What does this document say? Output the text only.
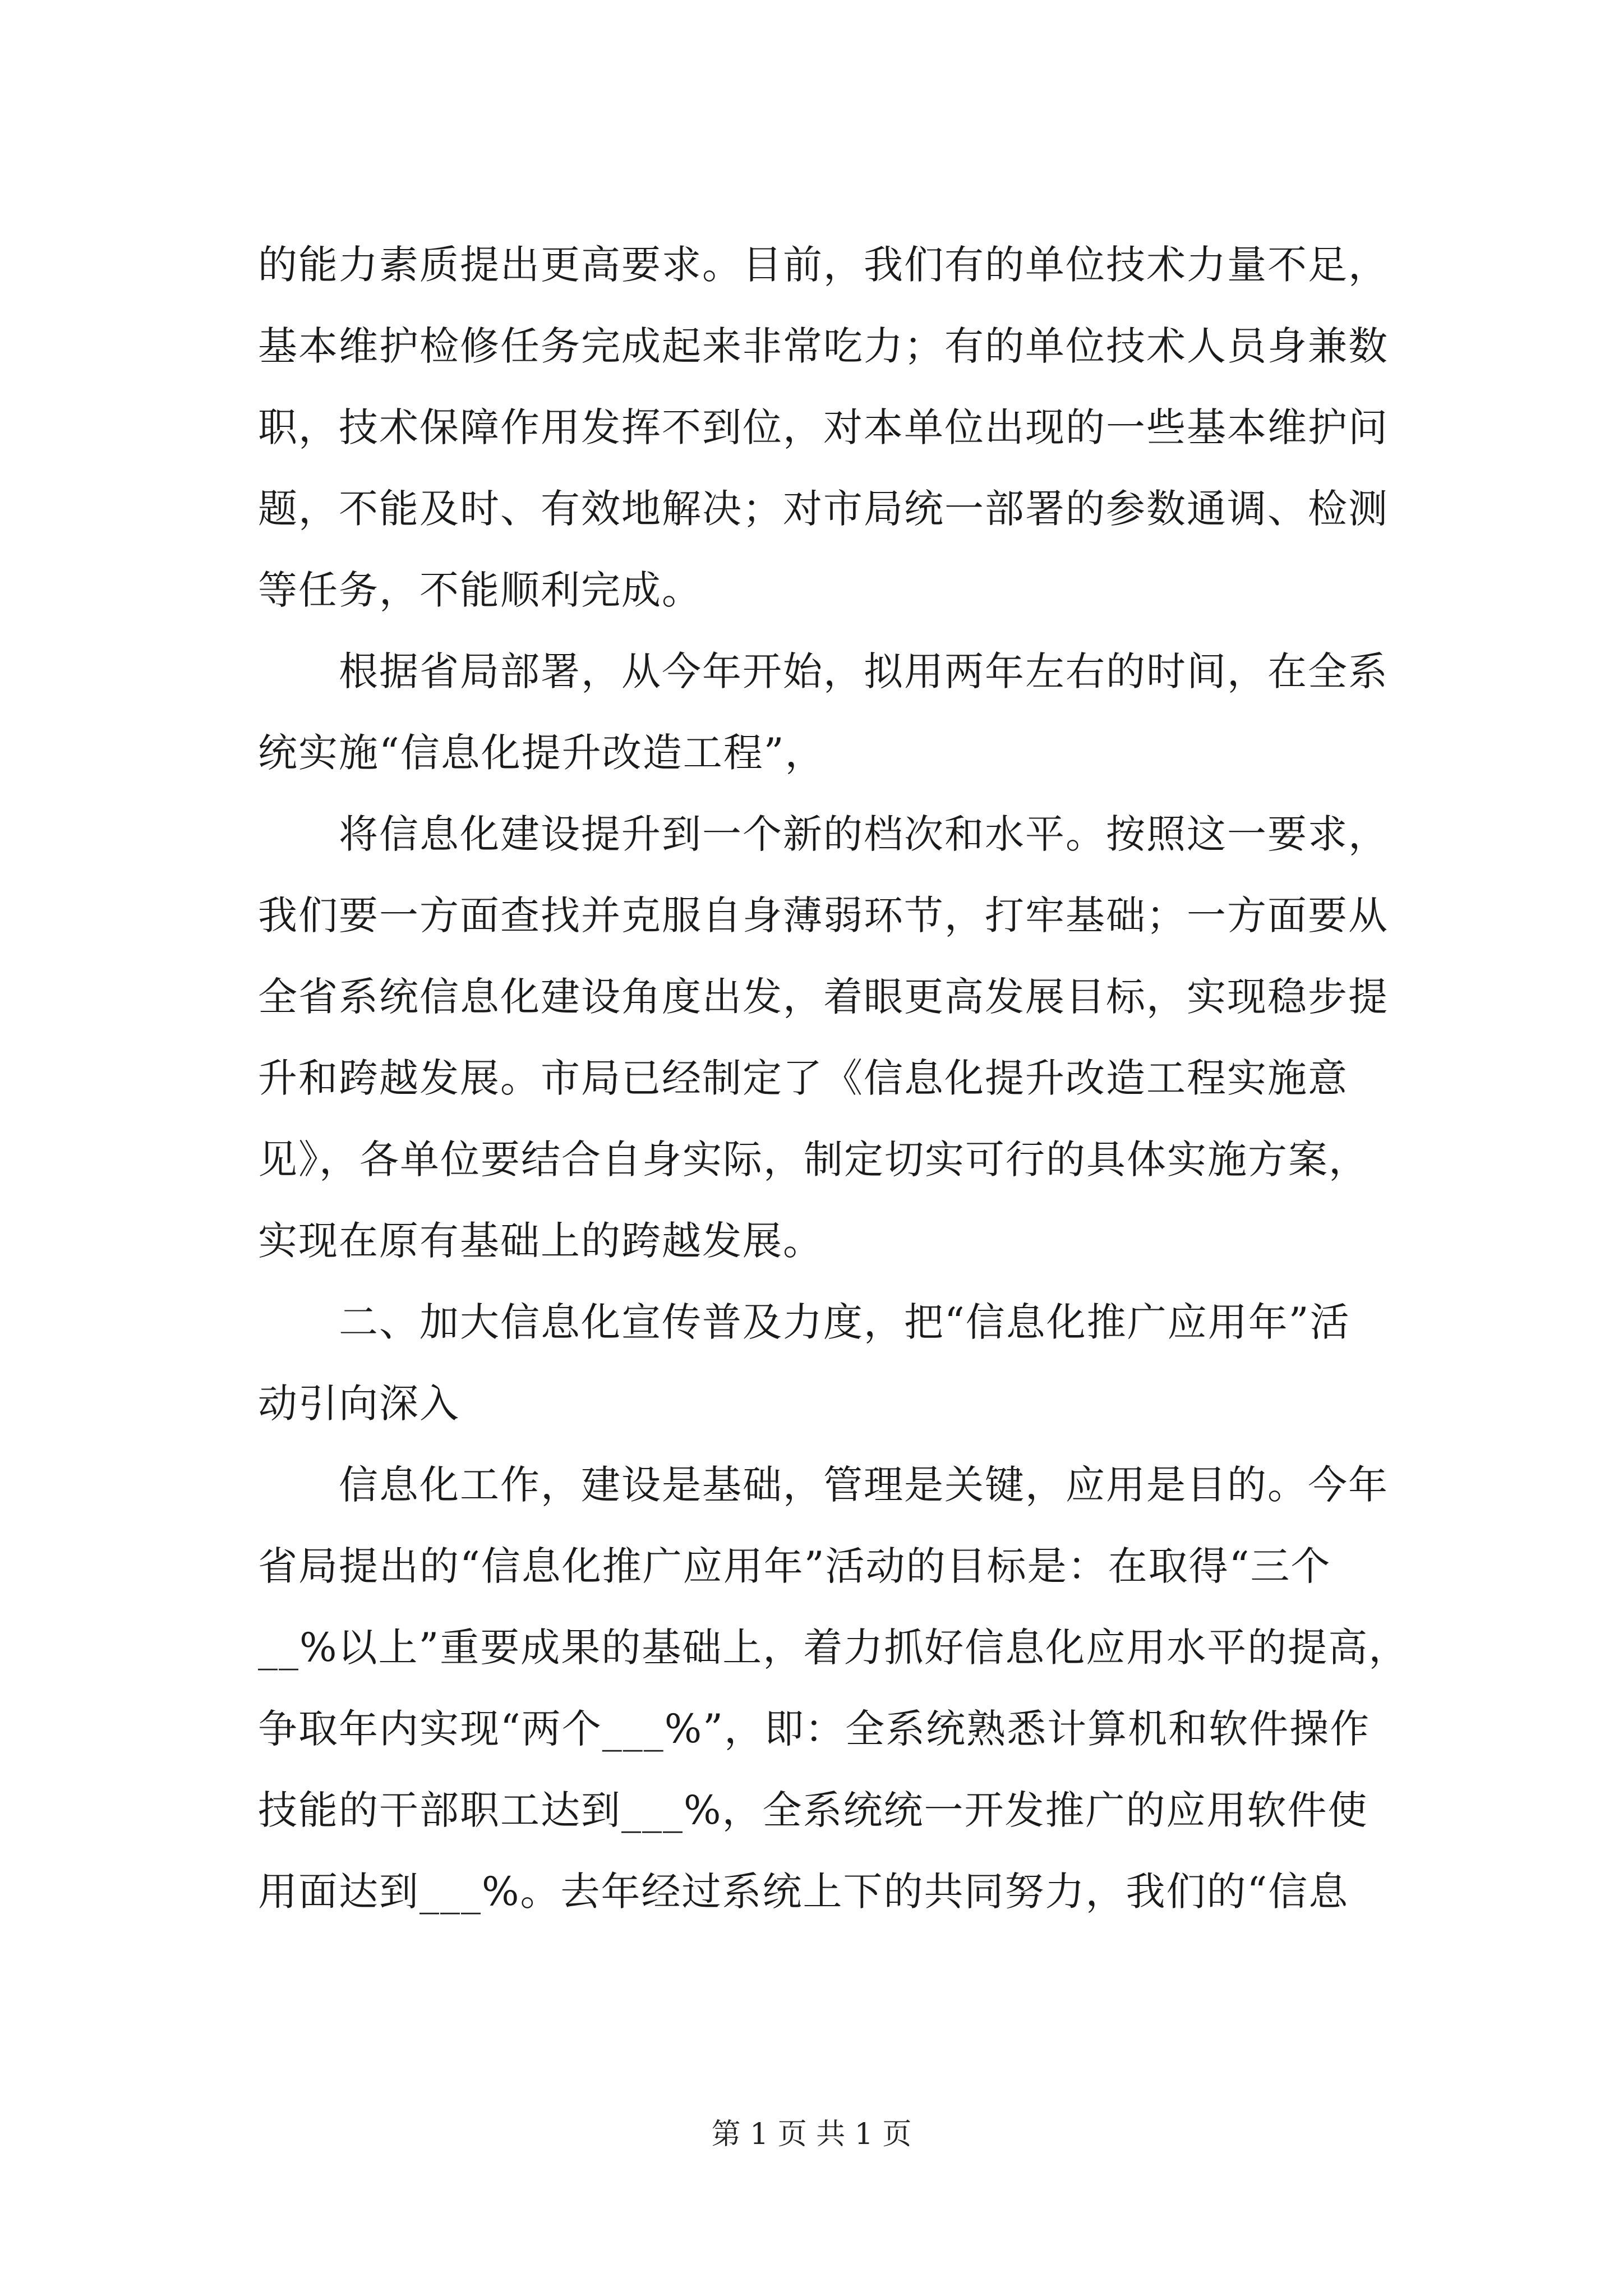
的能力素质提出更高要求。目前，我们有的单位技术力量不足，
基本维护检修任务完成起来非常吃力；有的单位技术人员身兼数
职，技术保障作用发挥不到位，对本单位出现的一些基本维护问
题，不能及时、有效地解决；对市局统一部署的参数通调、检测
等任务，不能顺利完成。
根据省局部署，从今年开始，拟用两年左右的时间，在全系
统实施“信息化提升改造工程”，
将信息化建设提升到一个新的档次和水平。按照这一要求，
我们要一方面查找并克服自身薄弱环节，打牢基础；一方面要从
全省系统信息化建设角度出发，着眼更高发展目标，实现稳步提
升和跨越发展。市局已经制定了《信息化提升改造工程实施意
见》，各单位要结合自身实际，制定切实可行的具体实施方案，
实现在原有基础上的跨越发展。
二、加大信息化宣传普及力度，把“信息化推广应用年”活
动引向深入
信息化工作，建设是基础，管理是关键，应用是目的。今年
省局提出的“信息化推广应用年”活动的目标是：在取得“三个
__%以上”重要成果的基础上，着力抓好信息化应用水平的提高，
争取年内实现“两个___%”，即：全系统熟悉计算机和软件操作
技能的干部职工达到___%，全系统统一开发推广的应用软件使
用面达到___%。去年经过系统上下的共同努力，我们的“信息
第 1 页 共 1 页
